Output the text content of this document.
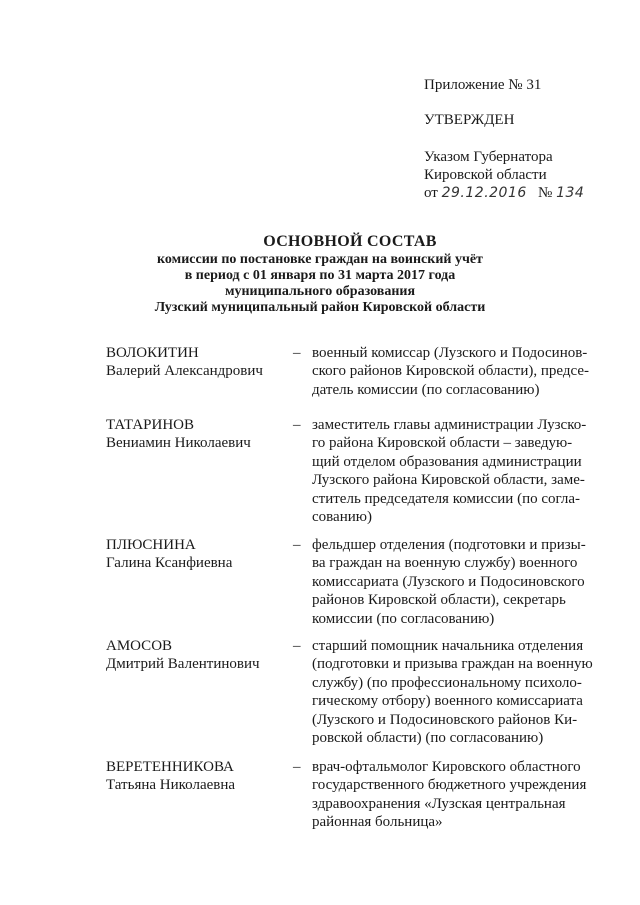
Приложение № 31
УТВЕРЖДЕН
Указом Губернатора
Кировской области
от 29.12.2016 № 134
ОСНОВНОЙ СОСТАВ
комиссии по постановке граждан на воинский учёт
в период с 01 января по 31 марта 2017 года
муниципального образования
Лузский муниципальный район Кировской области
ВОЛОКИТИН
Валерий Александрович
– военный комиссар (Лузского и Подосинов-
ского районов Кировской области), предсе-
датель комиссии (по согласованию)
ТАТАРИНОВ
Вениамин Николаевич
– заместитель главы администрации Лузско-
го района Кировской области – заведую-
щий отделом образования администрации
Лузского района Кировской области, заме-
ститель председателя комиссии (по согла-
сованию)
ПЛЮСНИНА
Галина Ксанфиевна
– фельдшер отделения (подготовки и призы-
ва граждан на военную службу) военного
комиссариата (Лузского и Подосиновского
районов Кировской области), секретарь
комиссии (по согласованию)
АМОСОВ
Дмитрий Валентинович
– старший помощник начальника отделения
(подготовки и призыва граждан на военную
службу) (по профессиональному психоло-
гическому отбору) военного комиссариата
(Лузского и Подосиновского районов Ки-
ровской области) (по согласованию)
ВЕРЕТЕННИКОВА
Татьяна Николаевна
– врач-офтальмолог Кировского областного
государственного бюджетного учреждения
здравоохранения «Лузская центральная
районная больница»
